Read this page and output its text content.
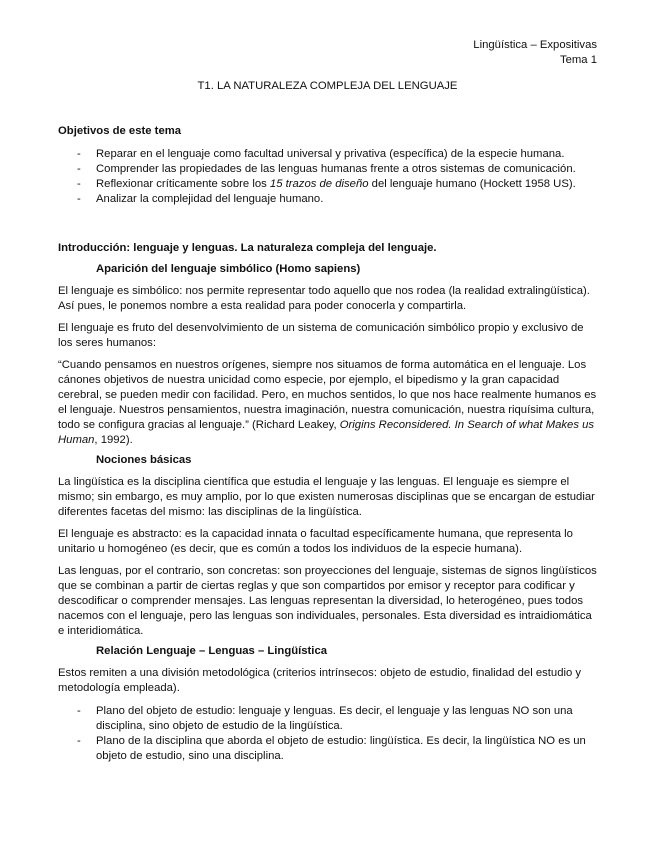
Lingüística – Expositivas
Tema 1
T1. LA NATURALEZA COMPLEJA DEL LENGUAJE
Objetivos de este tema
- Reparar en el lenguaje como facultad universal y privativa (específica) de la especie humana.
- Comprender las propiedades de las lenguas humanas frente a otros sistemas de comunicación.
- Reflexionar críticamente sobre los 15 trazos de diseño del lenguaje humano (Hockett 1958 US).
- Analizar la complejidad del lenguaje humano.
Introducción: lenguaje y lenguas. La naturaleza compleja del lenguaje.
Aparición del lenguaje simbólico (Homo sapiens)

El lenguaje es simbólico: nos permite representar todo aquello que nos rodea (la realidad extralingüística). Así pues, le ponemos nombre a esta realidad para poder conocerla y compartirla.

El lenguaje es fruto del desenvolvimiento de un sistema de comunicación simbólico propio y exclusivo de los seres humanos:

“Cuando pensamos en nuestros orígenes, siempre nos situamos de forma automática en el lenguaje. Los cánones objetivos de nuestra unicidad como especie, por ejemplo, el bipedismo y la gran capacidad cerebral, se pueden medir con facilidad. Pero, en muchos sentidos, lo que nos hace realmente humanos es el lenguaje. Nuestros pensamientos, nuestra imaginación, nuestra comunicación, nuestra riquísima cultura, todo se configura gracias al lenguaje.” (Richard Leakey, Origins Reconsidered. In Search of what Makes us Human, 1992).

Nociones básicas

La lingüística es la disciplina científica que estudia el lenguaje y las lenguas. El lenguaje es siempre el mismo; sin embargo, es muy amplio, por lo que existen numerosas disciplinas que se encargan de estudiar diferentes facetas del mismo: las disciplinas de la lingüística.

El lenguaje es abstracto: es la capacidad innata o facultad específicamente humana, que representa lo unitario u homogéneo (es decir, que es común a todos los individuos de la especie humana).

Las lenguas, por el contrario, son concretas: son proyecciones del lenguaje, sistemas de signos lingüísticos que se combinan a partir de ciertas reglas y que son compartidos por emisor y receptor para codificar y descodificar o comprender mensajes. Las lenguas representan la diversidad, lo heterogéneo, pues todos nacemos con el lenguaje, pero las lenguas son individuales, personales. Esta diversidad es intraidiomática e interidiomática.

Relación Lenguaje – Lenguas – Lingüística

Estos remiten a una división metodológica (criterios intrínsecos: objeto de estudio, finalidad del estudio y metodología empleada).

- Plano del objeto de estudio: lenguaje y lenguas. Es decir, el lenguaje y las lenguas NO son una disciplina, sino objeto de estudio de la lingüística.
- Plano de la disciplina que aborda el objeto de estudio: lingüística. Es decir, la lingüística NO es un objeto de estudio, sino una disciplina.
